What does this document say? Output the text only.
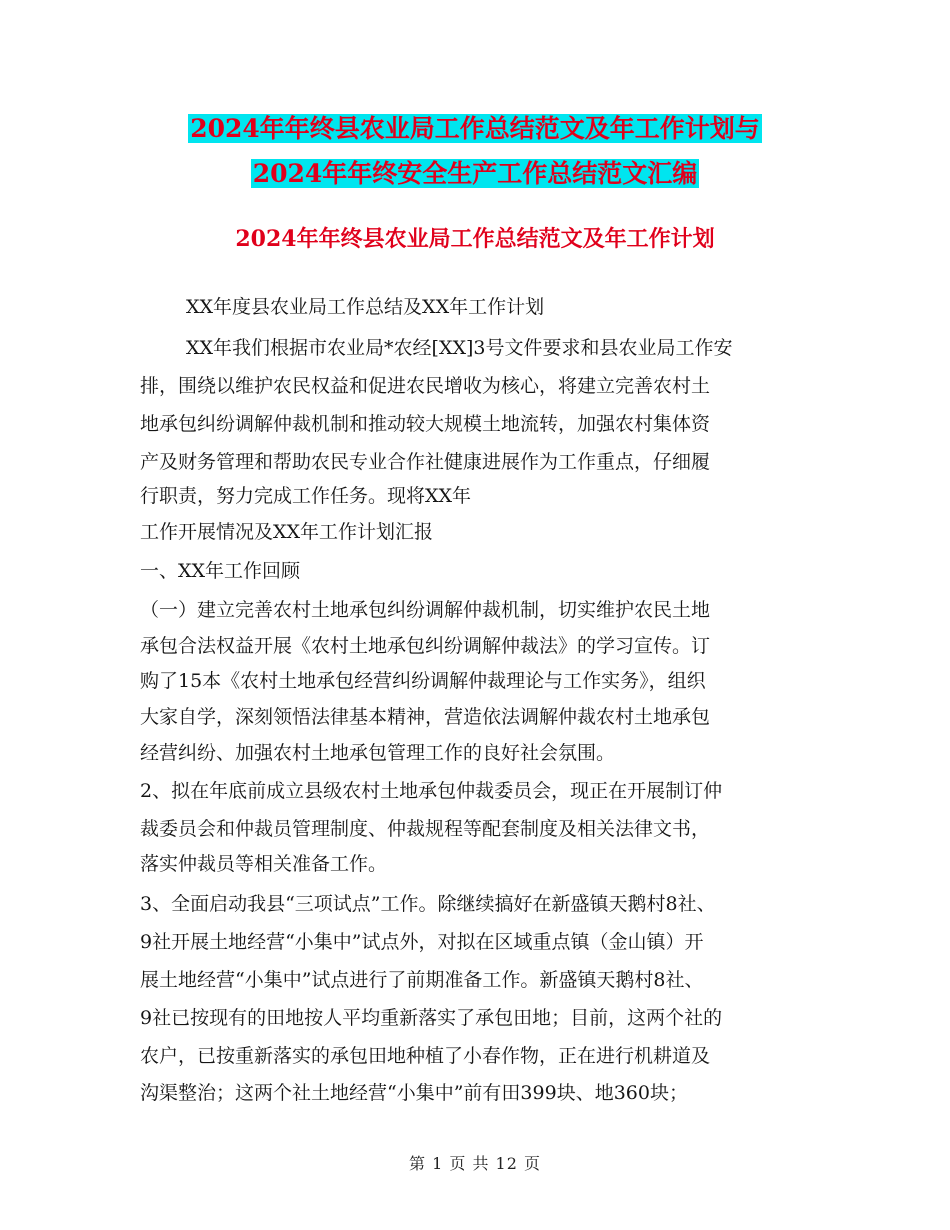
2024年年终县农业局工作总结范文及年工作计划与
2024年年终安全生产工作总结范文汇编
2024年年终县农业局工作总结范文及年工作计划
XX年度县农业局工作总结及XX年工作计划
XX年我们根据市农业局*农经[XX]3号文件要求和县农业局工作安
排，围绕以维护农民权益和促进农民增收为核心，将建立完善农村土
地承包纠纷调解仲裁机制和推动较大规模土地流转，加强农村集体资
产及财务管理和帮助农民专业合作社健康进展作为工作重点，仔细履
行职责，努力完成工作任务。现将XX年
工作开展情况及XX年工作计划汇报
一、XX年工作回顾
（一）建立完善农村土地承包纠纷调解仲裁机制，切实维护农民土地
承包合法权益开展《农村土地承包纠纷调解仲裁法》的学习宣传。订
购了15本《农村土地承包经营纠纷调解仲裁理论与工作实务》，组织
大家自学，深刻领悟法律基本精神，营造依法调解仲裁农村土地承包
经营纠纷、加强农村土地承包管理工作的良好社会氛围。
2、拟在年底前成立县级农村土地承包仲裁委员会，现正在开展制订仲
裁委员会和仲裁员管理制度、仲裁规程等配套制度及相关法律文书，
落实仲裁员等相关准备工作。
3、全面启动我县“三项试点”工作。除继续搞好在新盛镇天鹅村8社、
9社开展土地经营“小集中”试点外，对拟在区域重点镇（金山镇）开
展土地经营“小集中”试点进行了前期准备工作。新盛镇天鹅村8社、
9社已按现有的田地按人平均重新落实了承包田地；目前，这两个社的
农户，已按重新落实的承包田地种植了小春作物，正在进行机耕道及
沟渠整治；这两个社土地经营“小集中”前有田399块、地360块；
第 1 页 共 12 页
